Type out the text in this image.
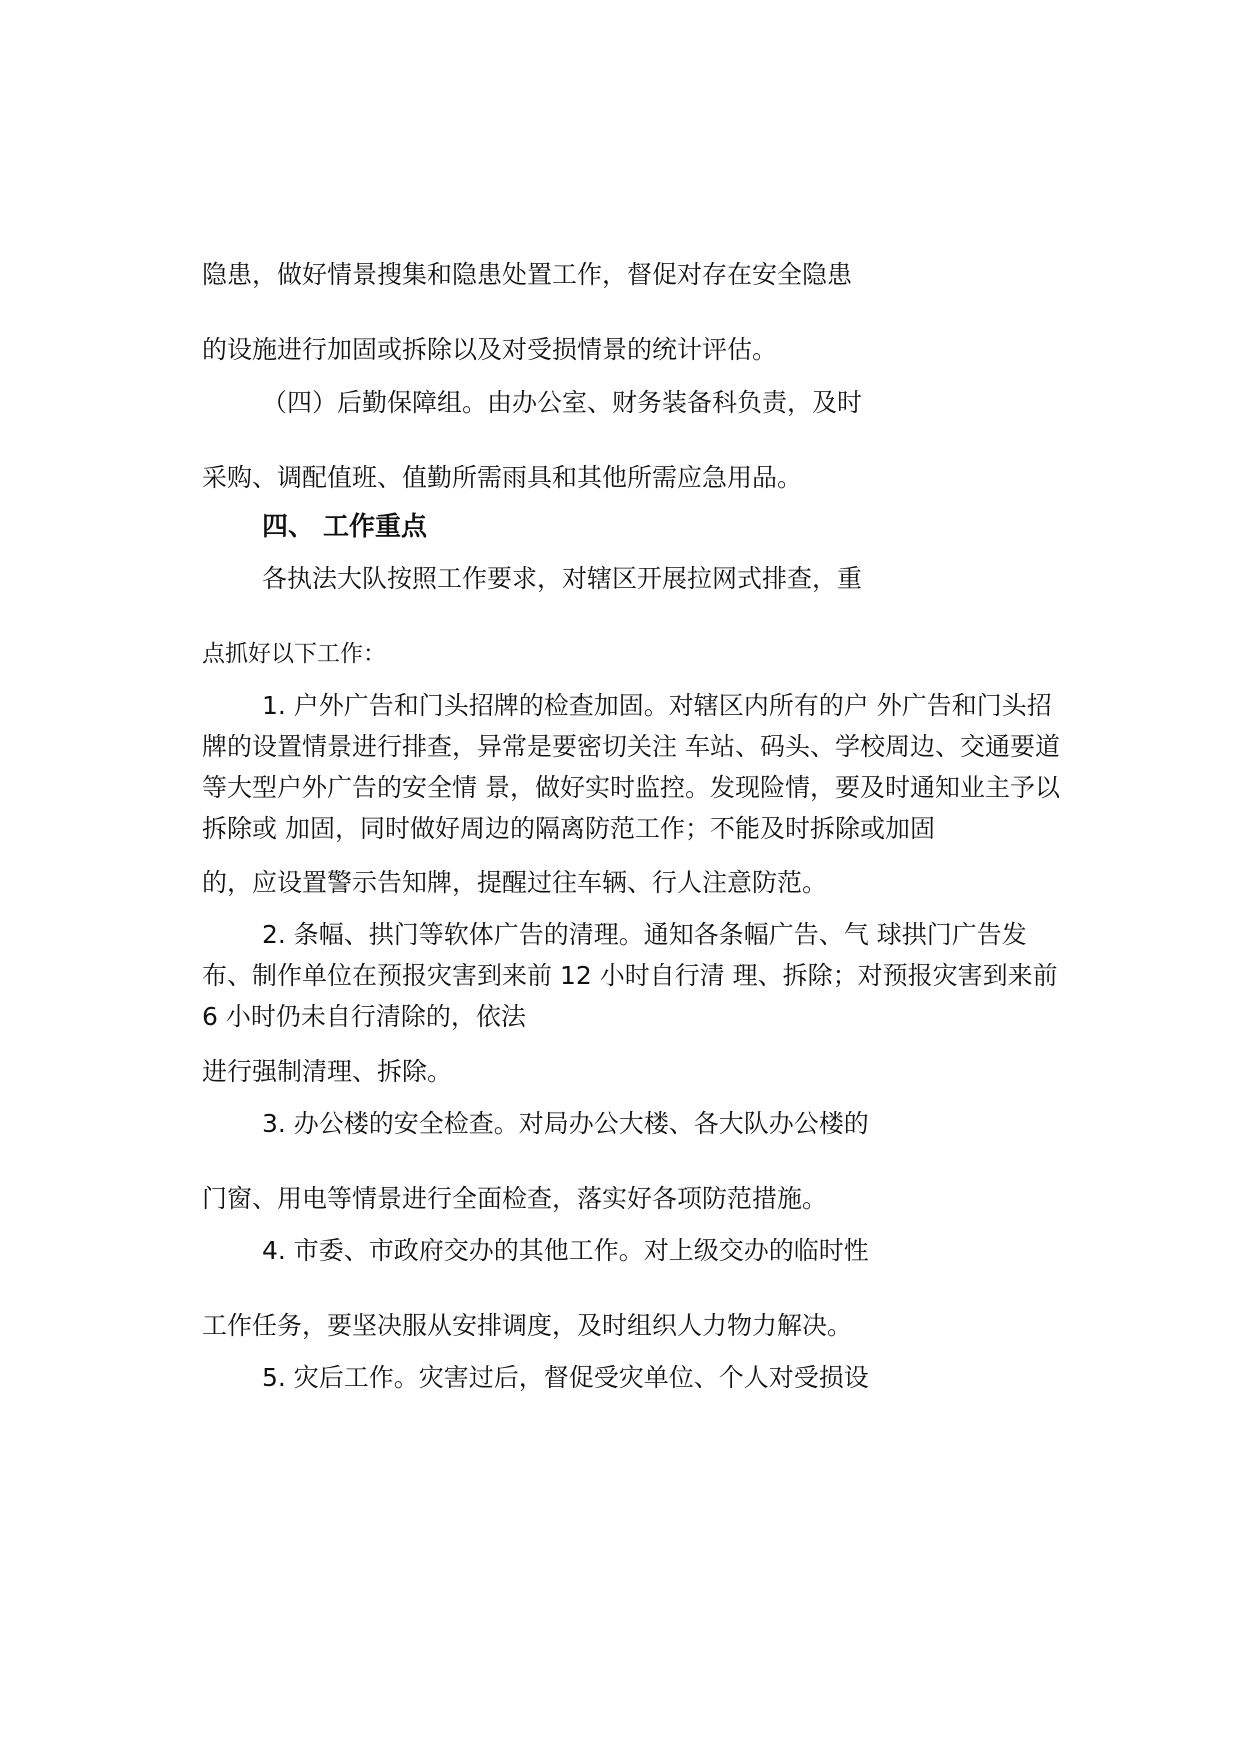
隐患，做好情景搜集和隐患处置工作，督促对存在安全隐患
的设施进行加固或拆除以及对受损情景的统计评估。
（四）后勤保障组。由办公室、财务装备科负责，及时
采购、调配值班、值勤所需雨具和其他所需应急用品。
四、 工作重点
各执法大队按照工作要求，对辖区开展拉网式排查，重
点抓好以下工作：
1. 户外广告和门头招牌的检查加固。对辖区内所有的户 外广告和门头招
牌的设置情景进行排查，异常是要密切关注 车站、码头、学校周边、交通要道
等大型户外广告的安全情 景，做好实时监控。发现险情，要及时通知业主予以
拆除或 加固，同时做好周边的隔离防范工作；不能及时拆除或加固
的，应设置警示告知牌，提醒过往车辆、行人注意防范。
2. 条幅、拱门等软体广告的清理。通知各条幅广告、气 球拱门广告发
布、制作单位在预报灾害到来前 12 小时自行清 理、拆除；对预报灾害到来前
6 小时仍未自行清除的，依法
进行强制清理、拆除。
3. 办公楼的安全检查。对局办公大楼、各大队办公楼的
门窗、用电等情景进行全面检查，落实好各项防范措施。
4. 市委、市政府交办的其他工作。对上级交办的临时性
工作任务，要坚决服从安排调度，及时组织人力物力解决。
5. 灾后工作。灾害过后，督促受灾单位、个人对受损设
